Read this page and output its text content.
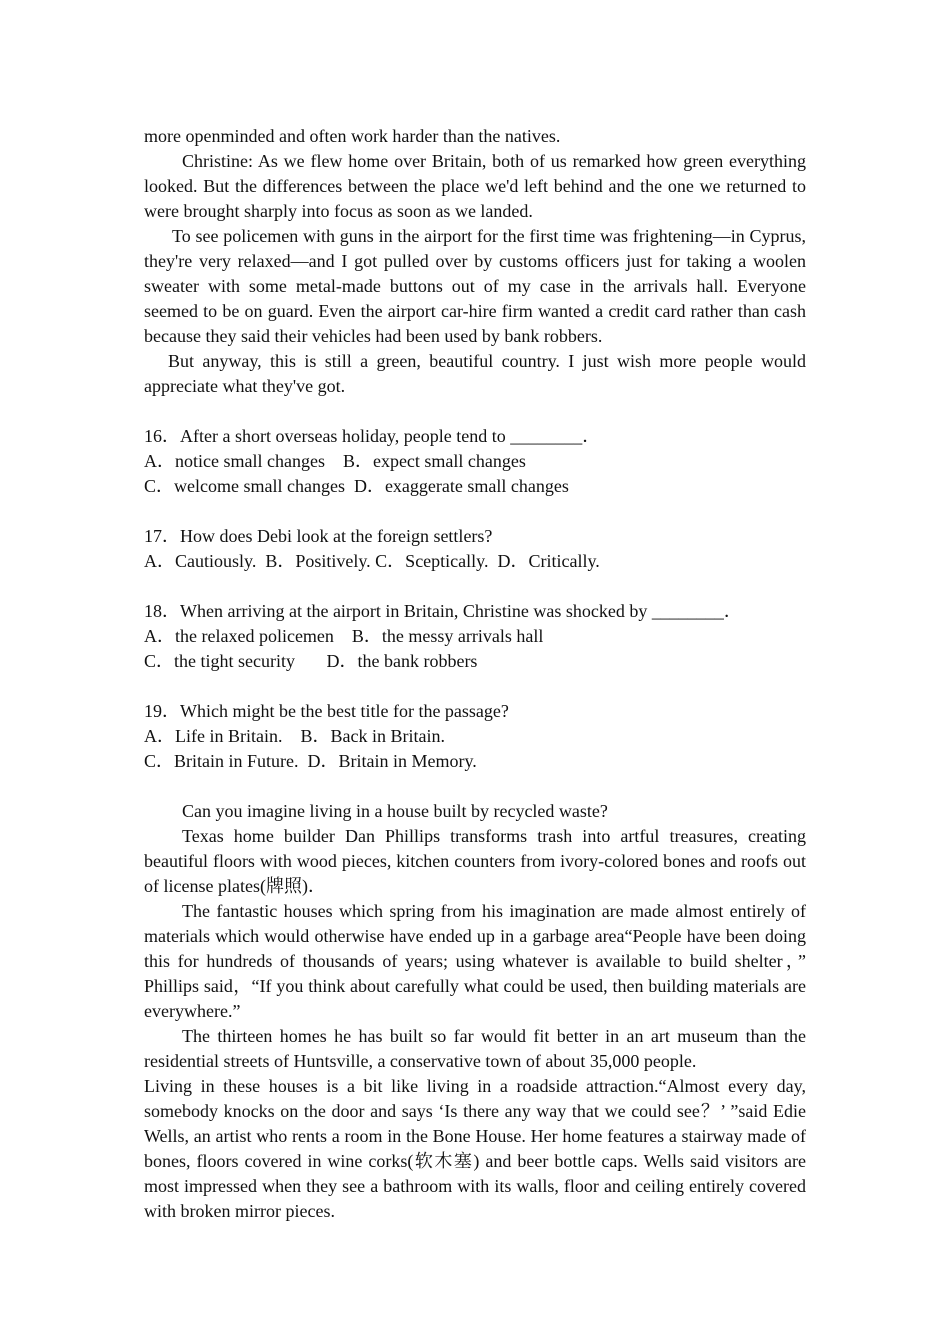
more openminded and often work harder than the natives.

Christine: As we flew home over Britain, both of us remarked how green everything looked. But the differences between the place we'd left behind and the one we returned to were brought sharply into focus as soon as we landed.

To see policemen with guns in the airport for the first time was frightening—in Cyprus, they're very relaxed—and I got pulled over by customs officers just for taking a woolen sweater with some metal-made buttons out of my case in the arrivals hall. Everyone seemed to be on guard. Even the airport car-hire firm wanted a credit card rather than cash because they said their vehicles had been used by bank robbers.

But anyway, this is still a green, beautiful country. I just wish more people would appreciate what they've got.

16．After a short overseas holiday, people tend to ________．

A．notice small changes    B．expect small changes

C．welcome small changes  D．exaggerate small changes

17．How does Debi look at the foreign settlers?

A．Cautiously.  B．Positively. C．Sceptically.  D．Critically.

18．When arriving at the airport in Britain, Christine was shocked by ________．

A．the relaxed policemen    B．the messy arrivals hall

C．the tight security       D．the bank robbers

19．Which might be the best title for the passage?

A．Life in Britain.    B．Back in Britain.

C．Britain in Future.  D．Britain in Memory.

Can you imagine living in a house built by recycled waste?

Texas home builder Dan Phillips transforms trash into artful treasures, creating beautiful floors with wood pieces, kitchen counters from ivory-colored bones and roofs out of license plates(牌照)．

The fantastic houses which spring from his imagination are made almost entirely of materials which would otherwise have ended up in a garbage area“People have been doing this for hundreds of thousands of years; using whatever is available to build shelter，” Phillips said，“If you think about carefully what could be used, then building materials are everywhere.”

The thirteen homes he has built so far would fit better in an art museum than the residential streets of Huntsville, a conservative town of about 35,000 people.

Living in these houses is a bit like living in a roadside attraction.“Almost every day, somebody knocks on the door and says ‘Is there any way that we could see？’ ”said Edie Wells, an artist who rents a room in the Bone House. Her home features a stairway made of bones, floors covered in wine corks(软木塞) and beer bottle caps. Wells said visitors are most impressed when they see a bathroom with its walls, floor and ceiling entirely covered with broken mirror pieces.
